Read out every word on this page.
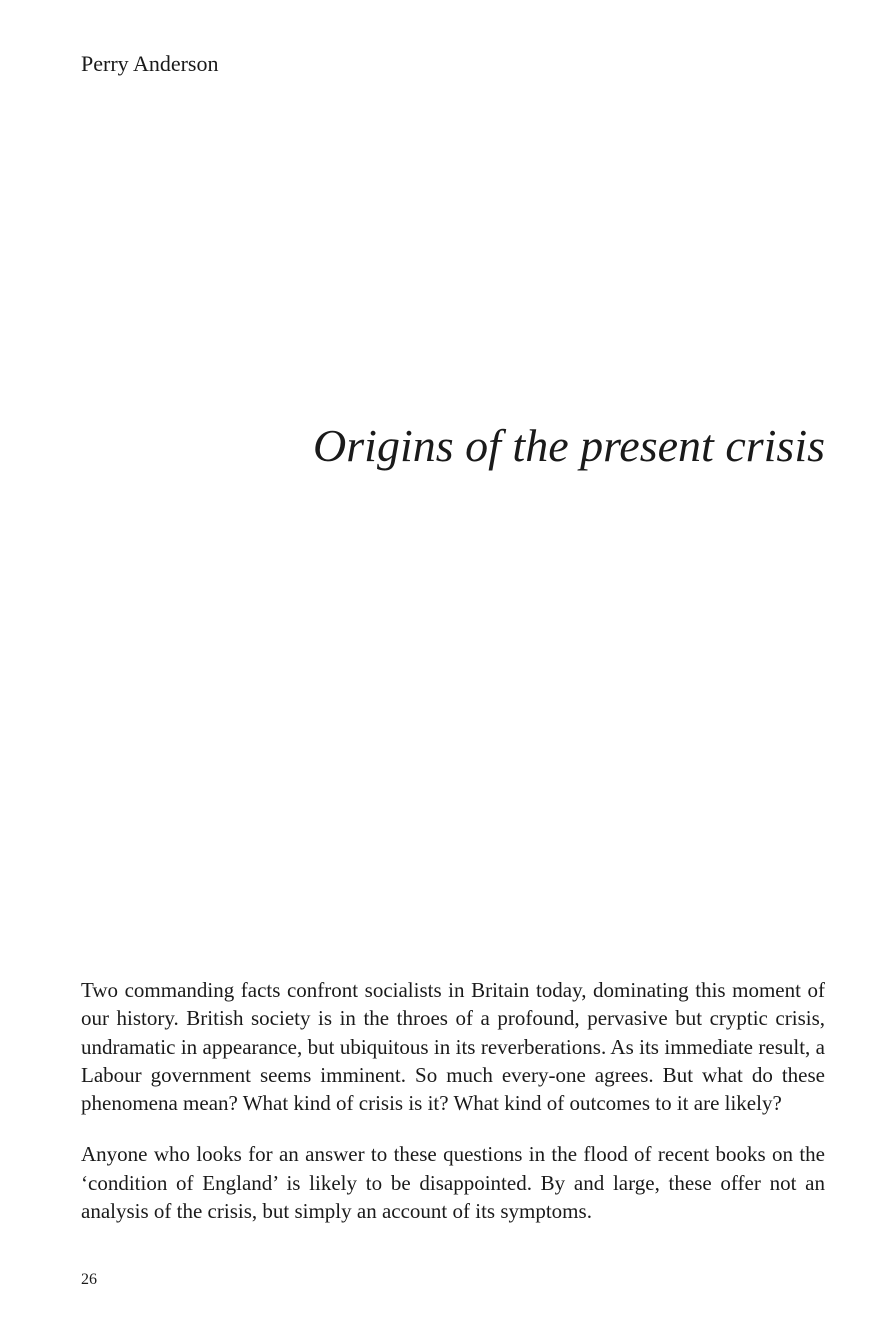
Perry Anderson

Origins of the present crisis

Two commanding facts confront socialists in Britain today, dominating this moment of our history. British society is in the throes of a profound, pervasive but cryptic crisis, undramatic in appearance, but ubiquitous in its reverberations. As its immediate result, a Labour government seems imminent. So much every-one agrees. But what do these phenomena mean? What kind of crisis is it? What kind of outcomes to it are likely?

Anyone who looks for an answer to these questions in the flood of recent books on the ‘condition of England’ is likely to be disappointed. By and large, these offer not an analysis of the crisis, but simply an account of its symptoms.

26
